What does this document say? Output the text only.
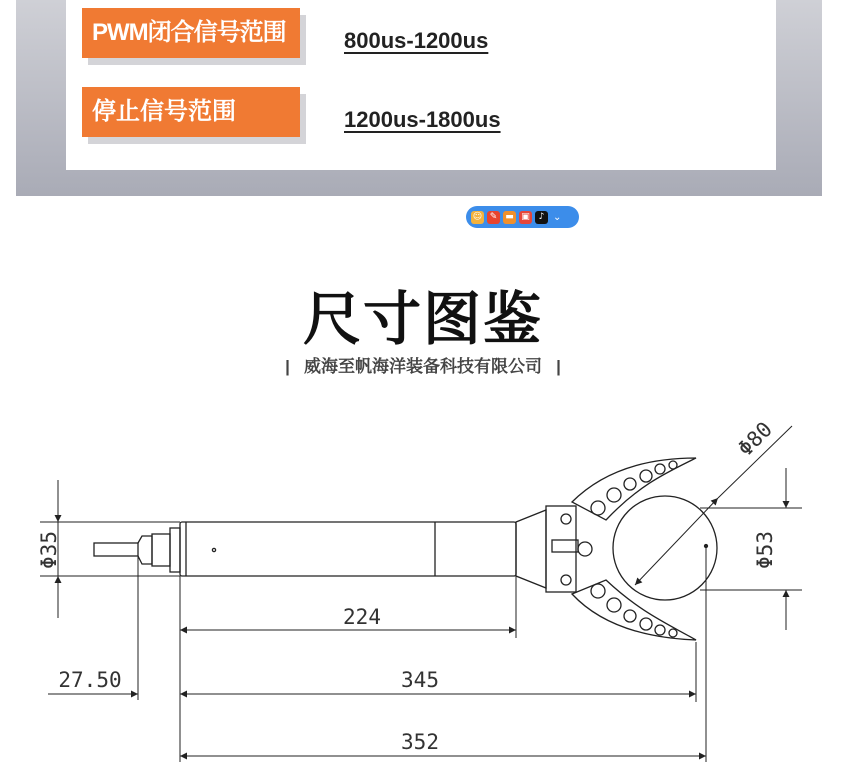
PWM闭合信号范围	800us-1200us
停止信号范围	1200us-1800us
☺ ✎ ▬ ▣ ♪ ⌄
尺寸图鉴
| 威海至帆海洋装备科技有限公司 |
Φ35	Φ53
Φ80
224
345
27.50
352
